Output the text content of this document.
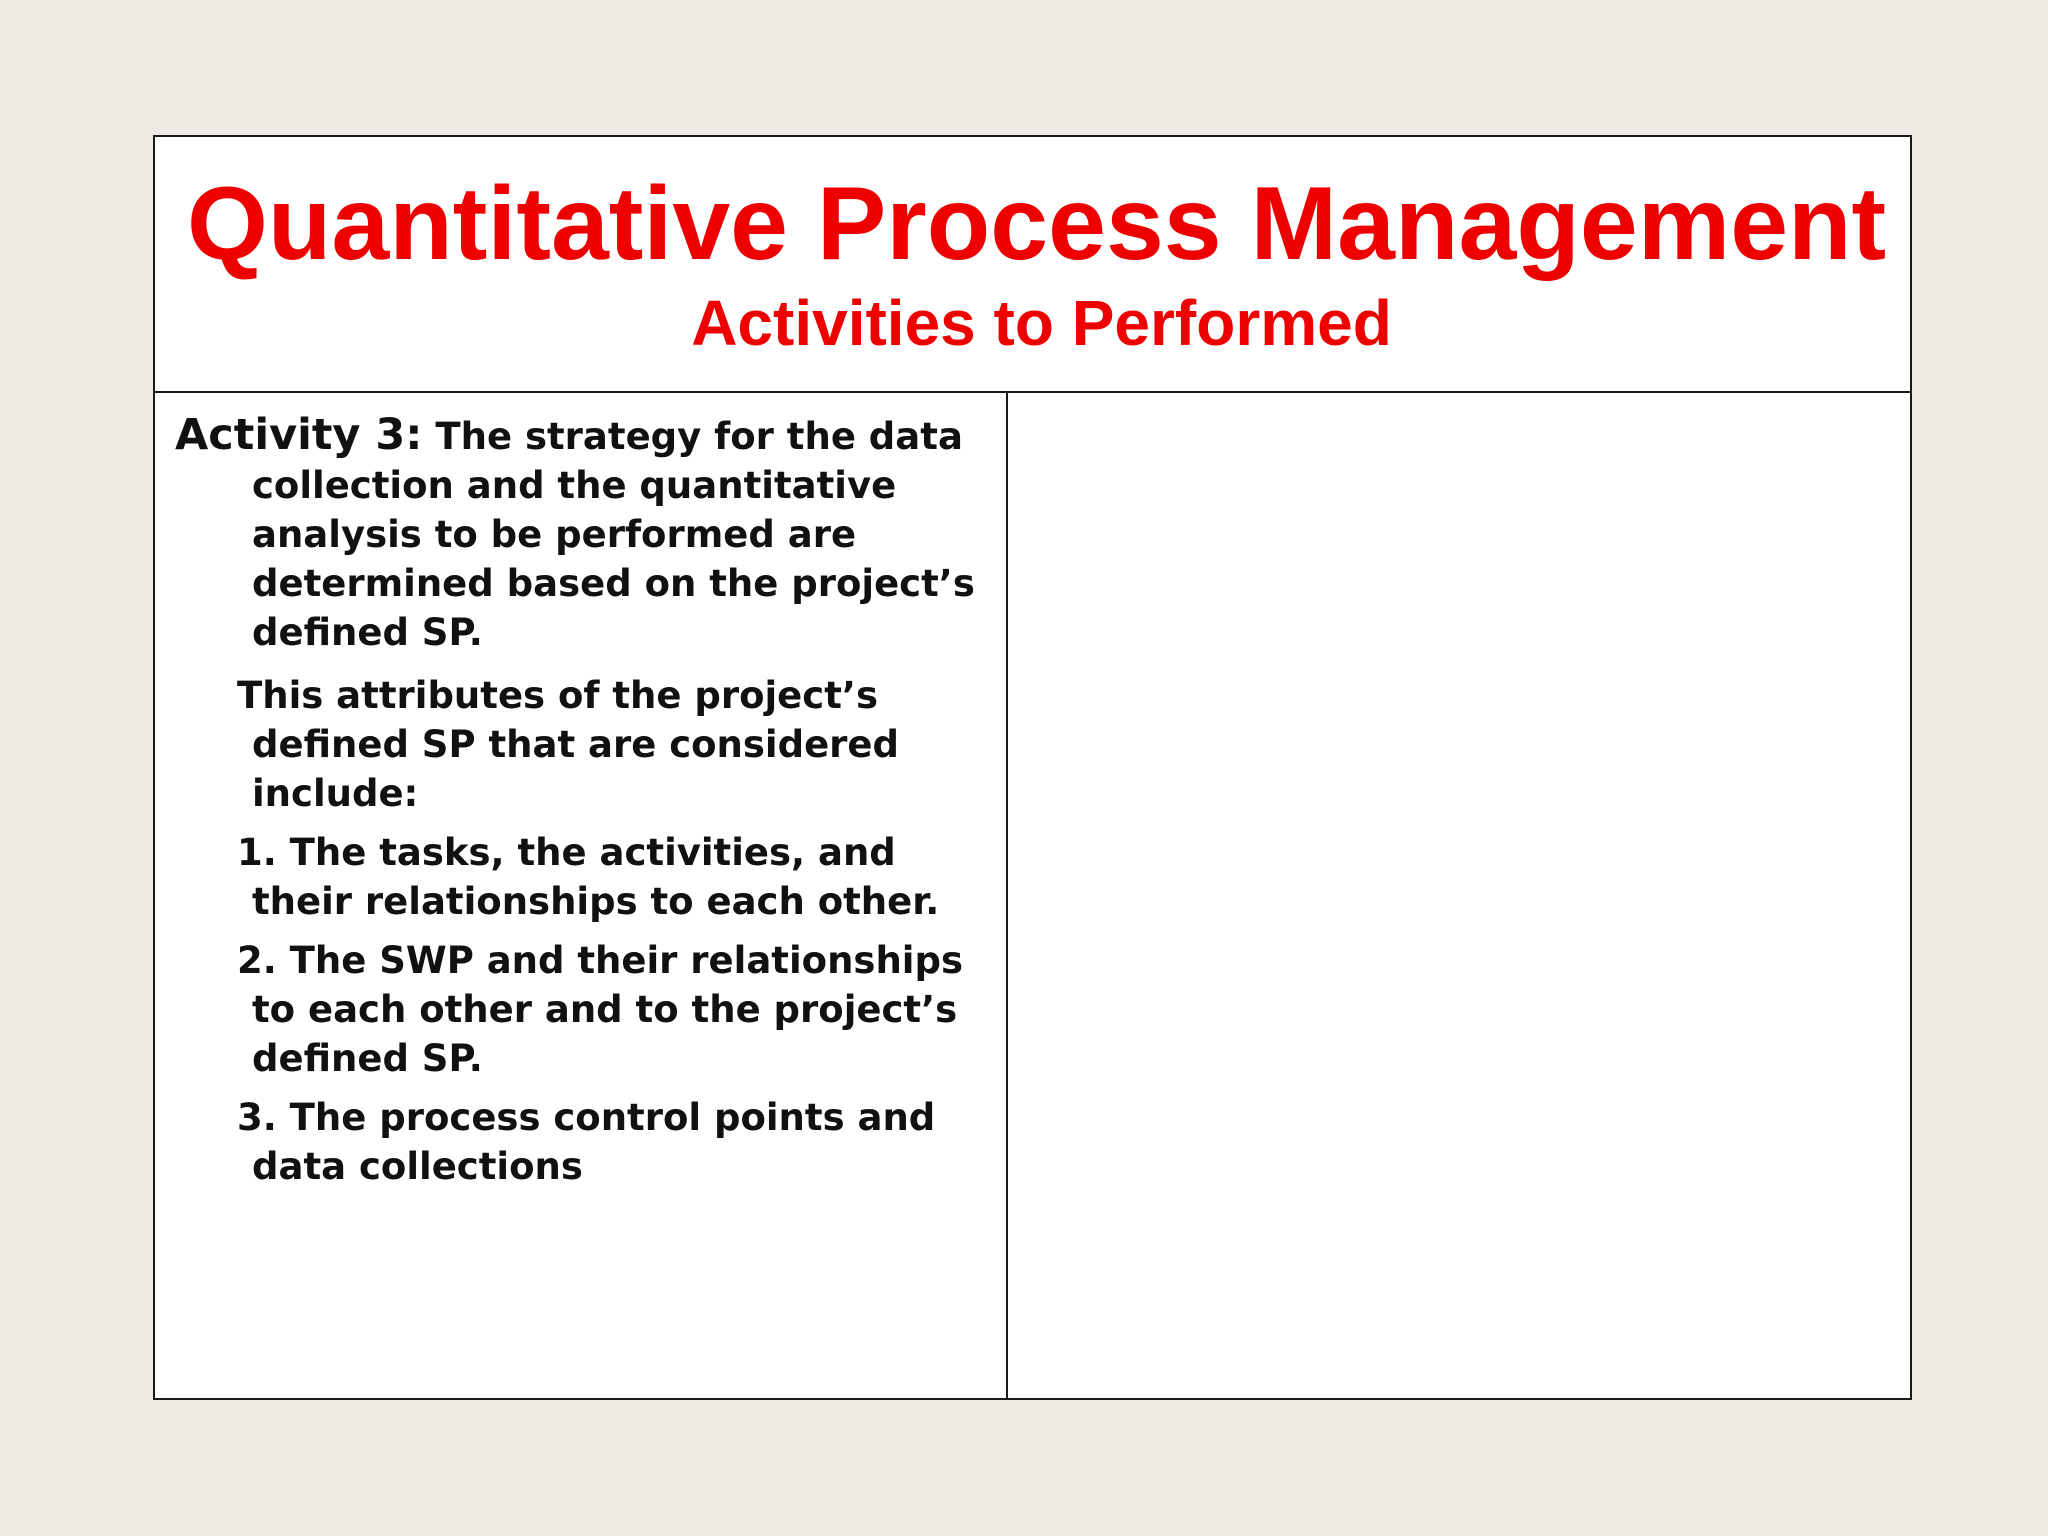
Quantitative Process Management
Activities to Performed

Activity 3: The strategy for the data collection and the quantitative analysis to be performed are determined based on the project’s defined SP.

This attributes of the project’s defined SP that are considered include:

1. The tasks, the activities, and their relationships to each other.

2. The SWP and their relationships to each other and to the project’s defined SP.

3. The process control points and data collections
